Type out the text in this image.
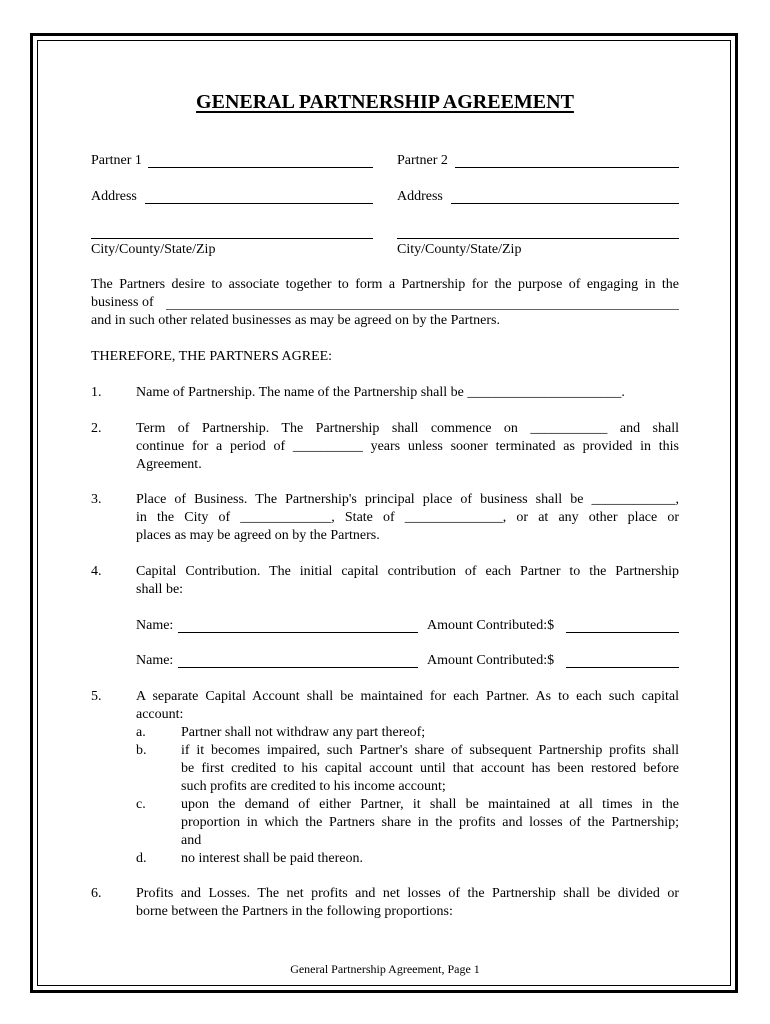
GENERAL PARTNERSHIP AGREEMENT
Partner 1	Partner 2
Address	Address
City/County/State/Zip	City/County/State/Zip
The Partners desire to associate together to form a Partnership for the purpose of engaging in the
business of
and in such other related businesses as may be agreed on by the Partners.
THEREFORE, THE PARTNERS AGREE:
1. Name of Partnership. The name of the Partnership shall be ______________________.
2. Term of Partnership. The Partnership shall commence on ___________ and shall
continue for a period of __________ years unless sooner terminated as provided in this
Agreement.
3. Place of Business. The Partnership's principal place of business shall be ____________,
in the City of _____________, State of ______________, or at any other place or
places as may be agreed on by the Partners.
4. Capital Contribution. The initial capital contribution of each Partner to the Partnership
shall be:
Name:	Amount Contributed:$
Name:	Amount Contributed:$
5. A separate Capital Account shall be maintained for each Partner. As to each such capital
account:
a.	Partner shall not withdraw any part thereof;
b. if it becomes impaired, such Partner's share of subsequent Partnership profits shall
be first credited to his capital account until that account has been restored before
such profits are credited to his income account;
c.	upon the demand of either Partner, it shall be maintained at all times in the
proportion in which the Partners share in the profits and losses of the Partnership;
and
d. no interest shall be paid thereon.
6. Profits and Losses. The net profits and net losses of the Partnership shall be divided or
borne between the Partners in the following proportions:
General Partnership Agreement, Page 1
